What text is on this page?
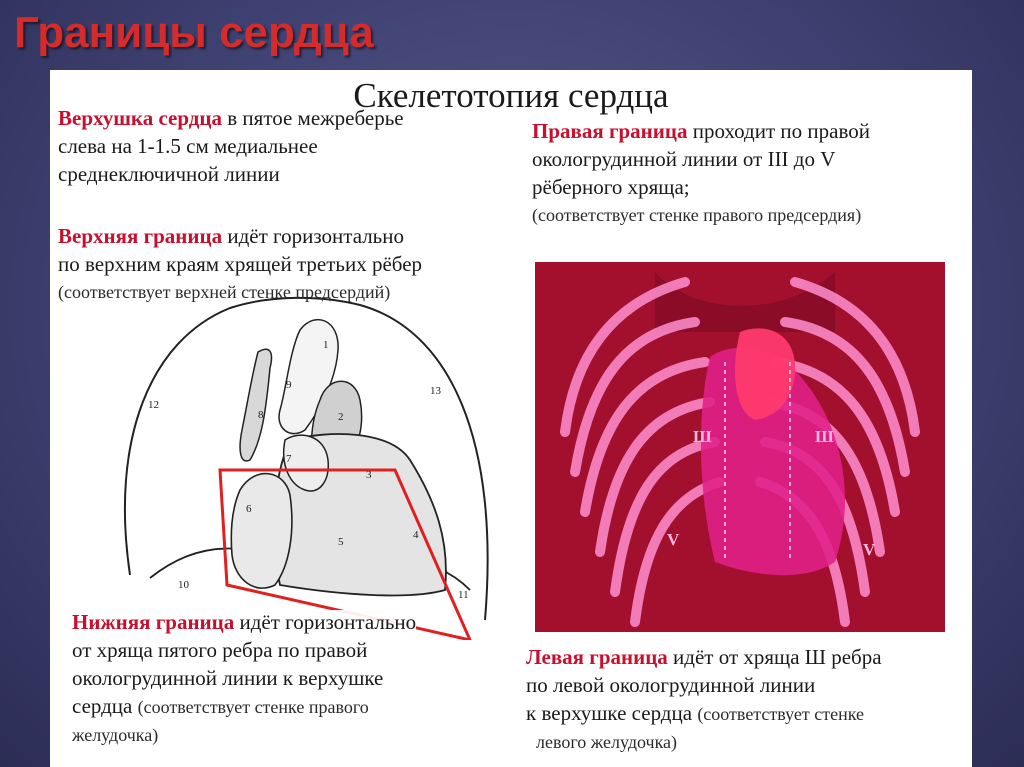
Границы сердца
1
2
3
4
5
6
7
8
9
10
11
12
13
Ш	Ш
V
V
Скелетотопия сердца
Верхушка сердца в пятое межреберье
слева на 1-1.5 см медиальнее
среднеключичной линии
Верхняя граница идёт горизонтально
по верхним краям хрящей третьих рёбер
(соответствует верхней стенке предсердий)
Правая граница проходит по правой
окологрудинной линии от III до V
рёберного хряща;
(соответствует стенке правого предсердия)
Нижняя граница идёт горизонтально
от хряща пятого ребра по правой
окологрудинной линии к верхушке
сердца (соответствует стенке правого
желудочка)
Левая граница идёт от хряща Ш ребра
по левой окологрудинной линии
к верхушке сердца (соответствует стенке
левого желудочка)
